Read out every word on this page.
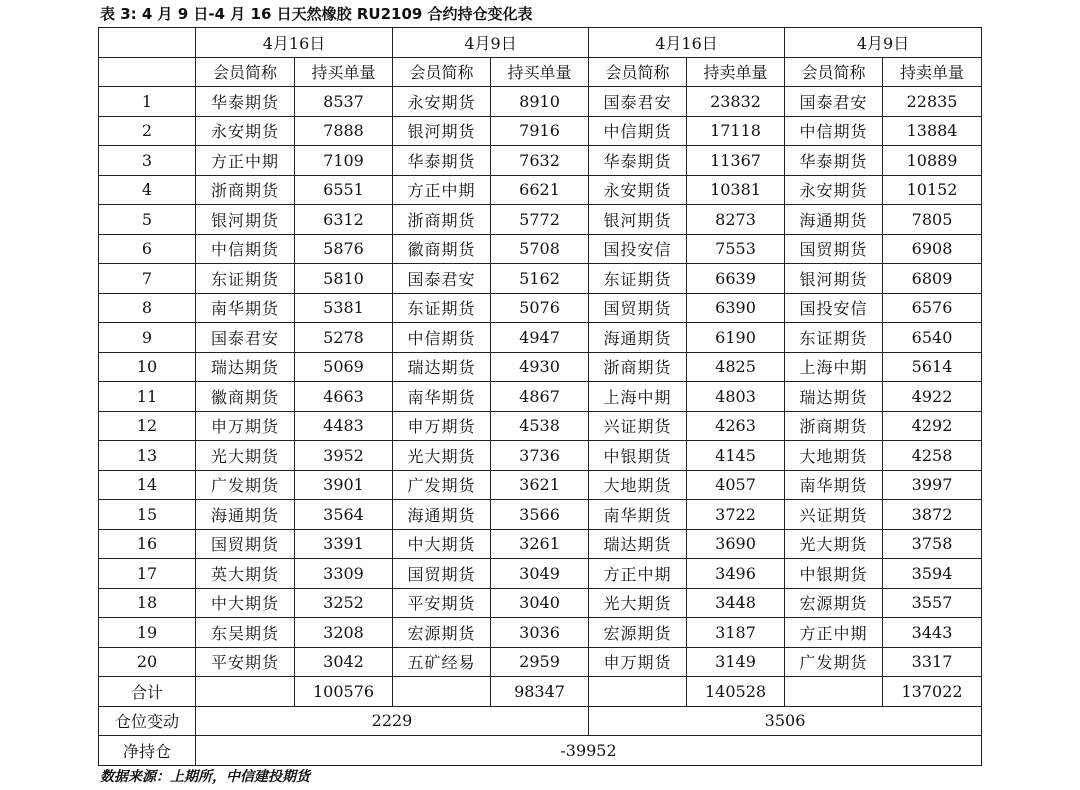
表 3: 4 月 9 日-4 月 16 日天然橡胶 RU2109 合约持仓变化表
	4月16日		4月9日		4月16日		4月9日	
	会员简称	持买单量	会员简称	持买单量	会员简称	持卖单量	会员简称	持卖单量
1	华泰期货	8537	永安期货	8910	国泰君安	23832	国泰君安	22835
2	永安期货	7888	银河期货	7916	中信期货	17118	中信期货	13884
3	方正中期	7109	华泰期货	7632	华泰期货	11367	华泰期货	10889
4	浙商期货	6551	方正中期	6621	永安期货	10381	永安期货	10152
5	银河期货	6312	浙商期货	5772	银河期货	8273	海通期货	7805
6	中信期货	5876	徽商期货	5708	国投安信	7553	国贸期货	6908
7	东证期货	5810	国泰君安	5162	东证期货	6639	银河期货	6809
8	南华期货	5381	东证期货	5076	国贸期货	6390	国投安信	6576
9	国泰君安	5278	中信期货	4947	海通期货	6190	东证期货	6540
10	瑞达期货	5069	瑞达期货	4930	浙商期货	4825	上海中期	5614
11	徽商期货	4663	南华期货	4867	上海中期	4803	瑞达期货	4922
12	申万期货	4483	申万期货	4538	兴证期货	4263	浙商期货	4292
13	光大期货	3952	光大期货	3736	中银期货	4145	大地期货	4258
14	广发期货	3901	广发期货	3621	大地期货	4057	南华期货	3997
15	海通期货	3564	海通期货	3566	南华期货	3722	兴证期货	3872
16	国贸期货	3391	中大期货	3261	瑞达期货	3690	光大期货	3758
17	英大期货	3309	国贸期货	3049	方正中期	3496	中银期货	3594
18	中大期货	3252	平安期货	3040	光大期货	3448	宏源期货	3557
19	东吴期货	3208	宏源期货	3036	宏源期货	3187	方正中期	3443
20	平安期货	3042	五矿经易	2959	申万期货	3149	广发期货	3317
合计		100576		98347		140528		137022
仓位变动	2229				3506			
净持仓	-39952							
数据来源：上期所，中信建投期货
